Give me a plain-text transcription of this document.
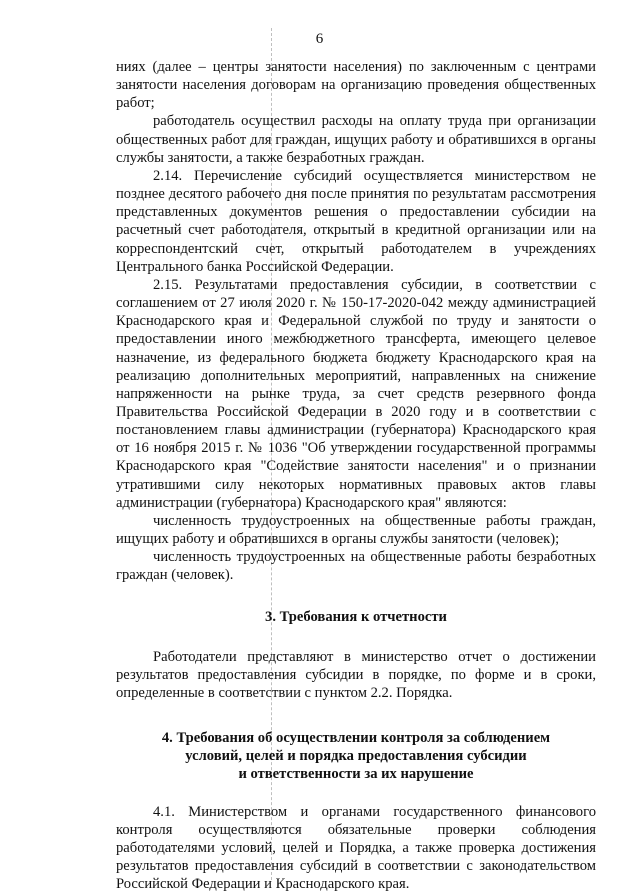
6

ниях (далее – центры занятости населения) по заключенным с центрами занятости населения договорам на организацию проведения общественных работ;

работодатель осуществил расходы на оплату труда при организации общественных работ для граждан, ищущих работу и обратившихся в органы службы занятости, а также безработных граждан.

2.14. Перечисление субсидий осуществляется министерством не позднее десятого рабочего дня после принятия по результатам рассмотрения представленных документов решения о предоставлении субсидии на расчетный счет работодателя, открытый в кредитной организации или на корреспондентский счет, открытый работодателем в учреждениях Центрального банка Российской Федерации.

2.15. Результатами предоставления субсидии, в соответствии с соглашением от 27 июля 2020 г. № 150-17-2020-042 между администрацией Краснодарского края и Федеральной службой по труду и занятости о предоставлении иного межбюджетного трансферта, имеющего целевое назначение, из федерального бюджета бюджету Краснодарского края на реализацию дополнительных мероприятий, направленных на снижение напряженности на рынке труда, за счет средств резервного фонда Правительства Российской Федерации в 2020 году и в соответствии с постановлением главы администрации (губернатора) Краснодарского края от 16 ноября 2015 г. № 1036 "Об утверждении государственной программы Краснодарского края "Содействие занятости населения" и о признании утратившими силу некоторых нормативных правовых актов главы администрации (губернатора) Краснодарского края" являются:

численность трудоустроенных на общественные работы граждан, ищущих работу и обратившихся в органы службы занятости (человек);

численность трудоустроенных на общественные работы безработных граждан (человек).

3. Требования к отчетности

Работодатели представляют в министерство отчет о достижении результатов предоставления субсидии в порядке, по форме и в сроки, определенные в соответствии с пунктом 2.2. Порядка.

4. Требования об осуществлении контроля за соблюдением
условий, целей и порядка предоставления субсидии
и ответственности за их нарушение

4.1. Министерством и органами государственного финансового контроля осуществляются обязательные проверки соблюдения работодателями условий, целей и Порядка, а также проверка достижения результатов предоставления субсидий в соответствии с законодательством Российской Федерации и Краснодарского края.
